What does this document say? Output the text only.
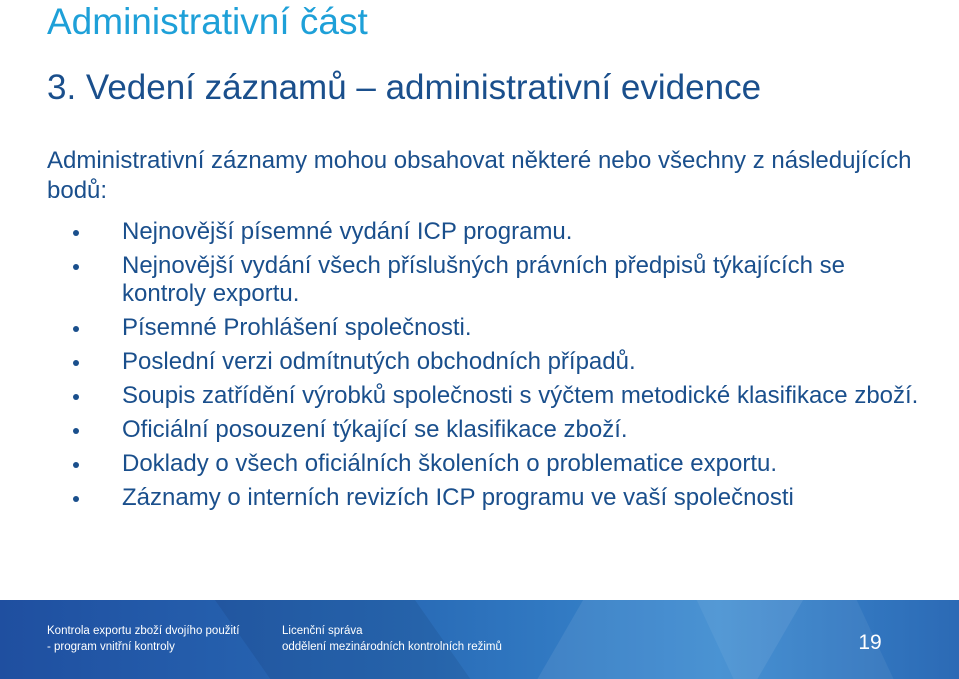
Administrativní část
3. Vedení záznamů – administrativní evidence
Administrativní záznamy mohou obsahovat některé nebo všechny z následujících bodů:
Nejnovější písemné vydání ICP programu.
Nejnovější vydání všech příslušných právních předpisů týkajících se kontroly exportu.
Písemné Prohlášení společnosti.
Poslední verzi odmítnutých obchodních případů.
Soupis zatřídění výrobků společnosti s výčtem metodické klasifikace zboží.
Oficiální posouzení týkající se klasifikace zboží.
Doklady o všech oficiálních školeních o problematice exportu.
Záznamy o interních revizích ICP programu ve vaší společnosti
Kontrola exportu zboží dvojího použití
- program vnitřní kontroly
Licenční správa
oddělení mezinárodních kontrolních režimů	19
